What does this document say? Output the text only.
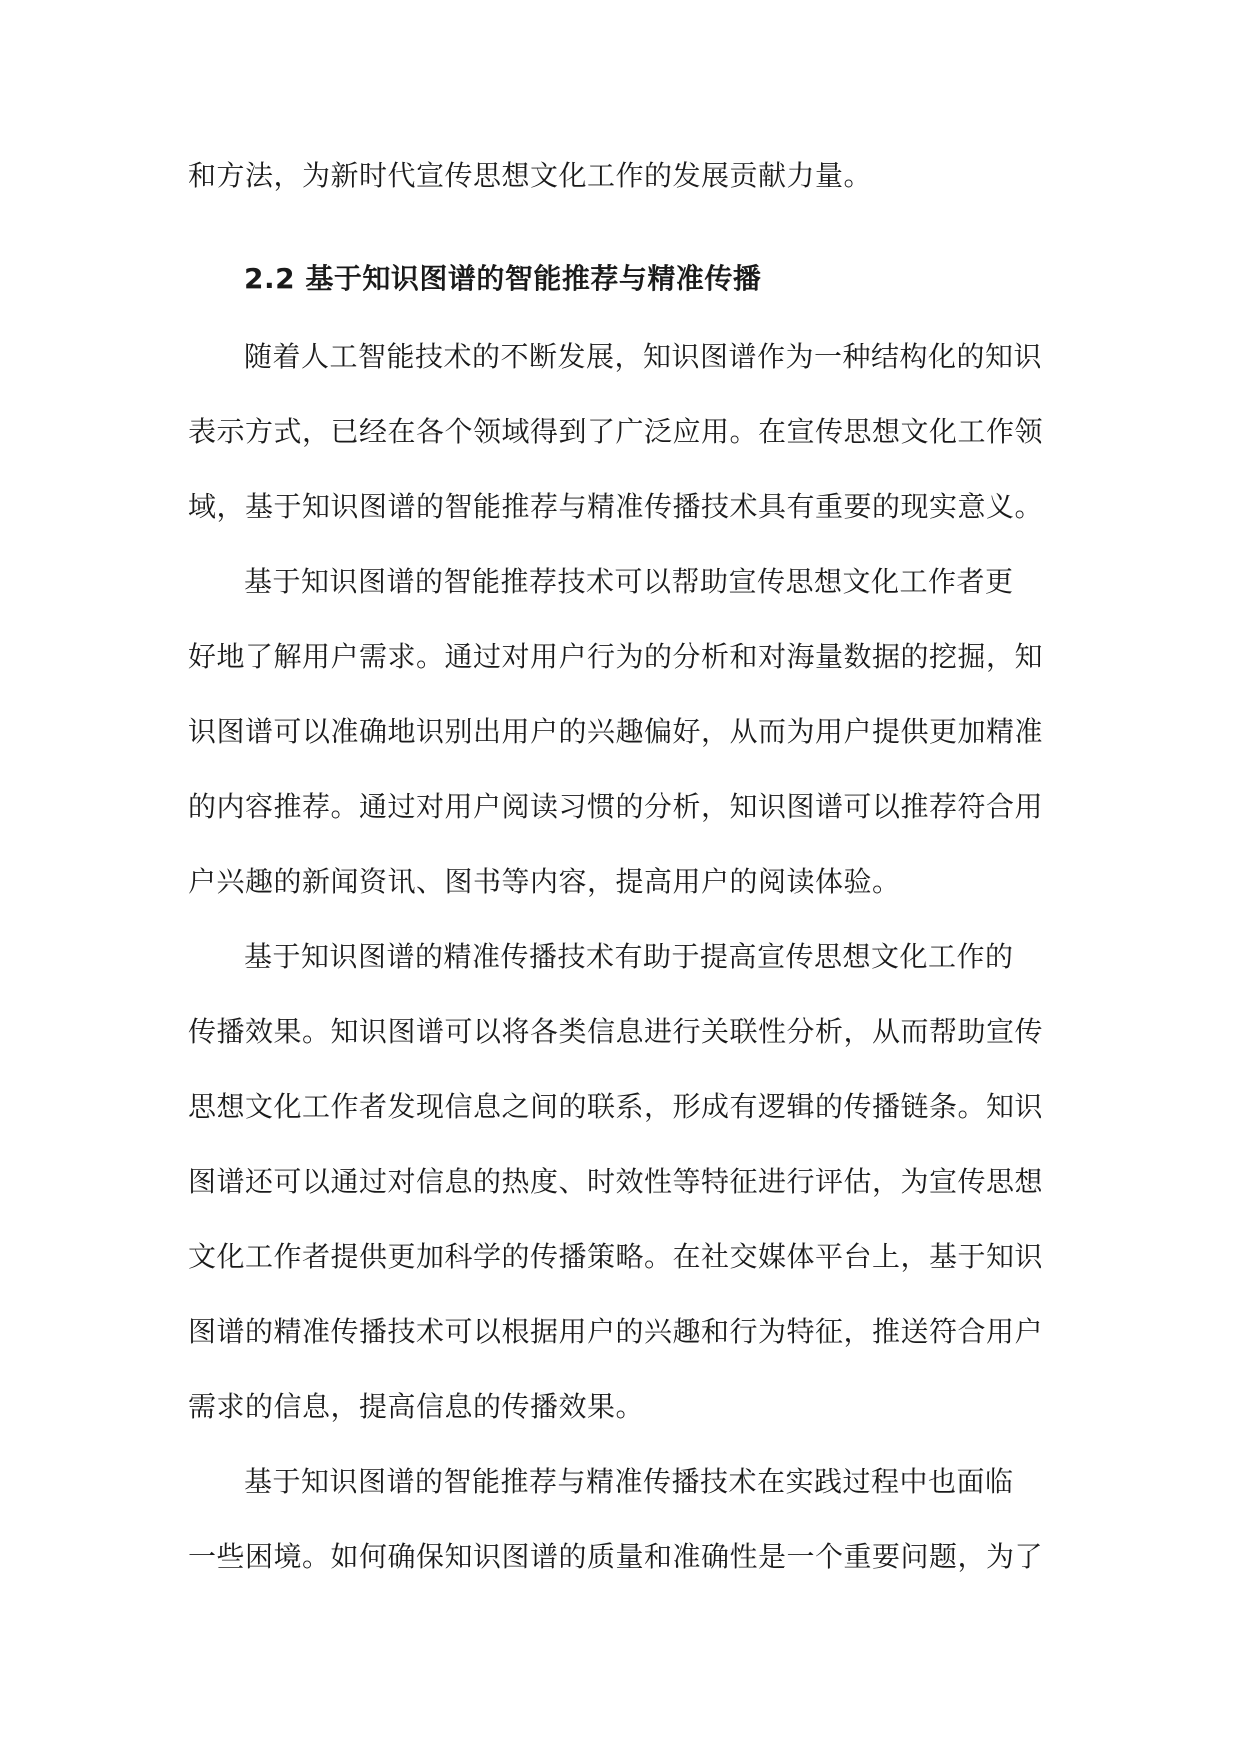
和方法，为新时代宣传思想文化工作的发展贡献力量。
2.2 基于知识图谱的智能推荐与精准传播
随着人工智能技术的不断发展，知识图谱作为一种结构化的知识
表示方式，已经在各个领域得到了广泛应用。在宣传思想文化工作领
域，基于知识图谱的智能推荐与精准传播技术具有重要的现实意义。
基于知识图谱的智能推荐技术可以帮助宣传思想文化工作者更
好地了解用户需求。通过对用户行为的分析和对海量数据的挖掘，知
识图谱可以准确地识别出用户的兴趣偏好，从而为用户提供更加精准
的内容推荐。通过对用户阅读习惯的分析，知识图谱可以推荐符合用
户兴趣的新闻资讯、图书等内容，提高用户的阅读体验。
基于知识图谱的精准传播技术有助于提高宣传思想文化工作的
传播效果。知识图谱可以将各类信息进行关联性分析，从而帮助宣传
思想文化工作者发现信息之间的联系，形成有逻辑的传播链条。知识
图谱还可以通过对信息的热度、时效性等特征进行评估，为宣传思想
文化工作者提供更加科学的传播策略。在社交媒体平台上，基于知识
图谱的精准传播技术可以根据用户的兴趣和行为特征，推送符合用户
需求的信息，提高信息的传播效果。
基于知识图谱的智能推荐与精准传播技术在实践过程中也面临
一些困境。如何确保知识图谱的质量和准确性是一个重要问题，为了
